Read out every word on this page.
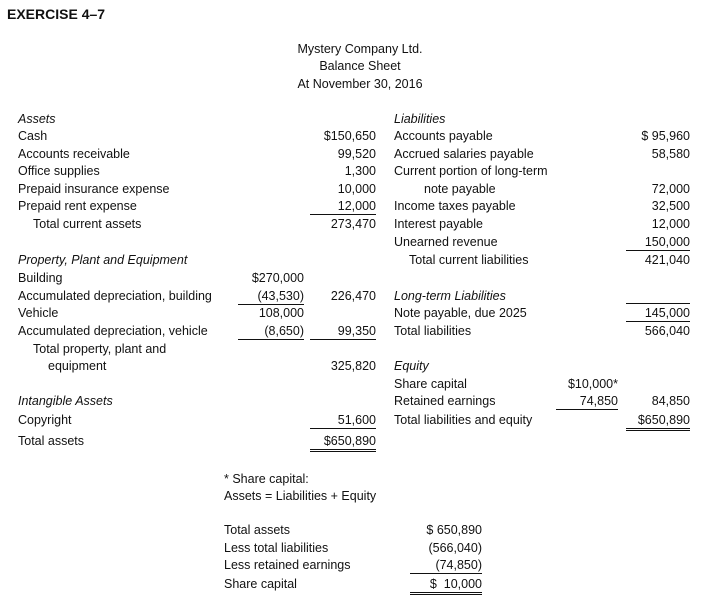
EXERCISE 4–7
Mystery Company Ltd.
Balance Sheet
At November 30, 2016
Assets
Cash	$150,650
Accounts receivable	99,520
Office supplies	1,300
Prepaid insurance expense	10,000
Prepaid rent expense	12,000
Total current assets	273,470
Property, Plant and Equipment
Building	$270,000
Accumulated depreciation, building	(43,530)	226,470
Vehicle	108,000
Accumulated depreciation, vehicle	(8,650)	99,350
Total property, plant and
equipment	325,820
Intangible Assets
Copyright	51,600
Total assets	$650,890
Liabilities
Accounts payable	$ 95,960
Accrued salaries payable	58,580
Current portion of long-term
note payable	72,000
Income taxes payable	32,500
Interest payable	12,000
Unearned revenue	150,000
Total current liabilities	421,040
Long-term Liabilities
Note payable, due 2025	145,000
Total liabilities	566,040
Equity
Share capital	$10,000*
Retained earnings	74,850	84,850
Total liabilities and equity	$650,890
* Share capital:
Assets = Liabilities + Equity
Total assets	$ 650,890
Less total liabilities	(566,040)
Less retained earnings	(74,850)
Share capital	$  10,000
